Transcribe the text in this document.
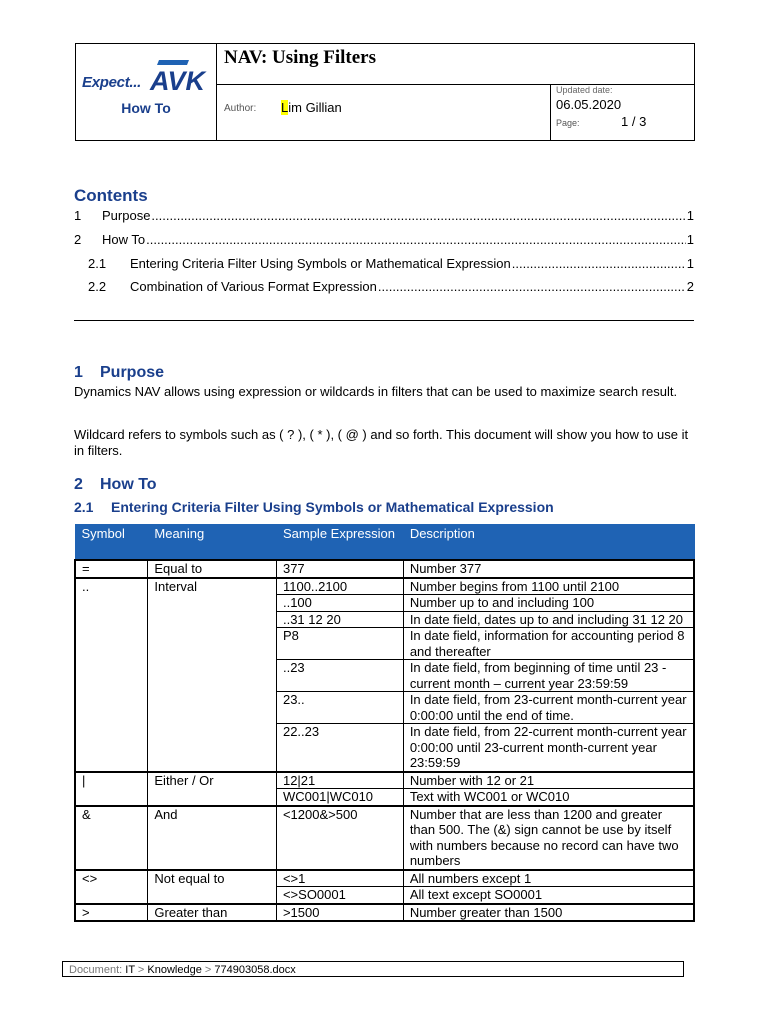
Expect... AVK
How To
NAV: Using Filters
Author: Lim Gillian
Updated date:
06.05.2020
Page:	1 / 3
Contents
1	Purpose .....	1
2	How To .....	1
2.1	Entering Criteria Filter Using Symbols or Mathematical Expression .....	1
2.2	Combination of Various Format Expression .....	2
1 Purpose
Dynamics NAV allows using expression or wildcards in filters that can be used to maximize search result.
Wildcard refers to symbols such as ( ? ), ( * ), ( @ ) and so forth. This document will show you how to use it in filters.
2 How To
2.1 Entering Criteria Filter Using Symbols or Mathematical Expression
Symbol	Meaning	Sample Expression	Description
=	Equal to	377	Number 377
..	Interval	1100..2100	Number begins from 1100 until 2100
		..100	Number up to and including 100
		..31 12 20	In date field, dates up to and including 31 12 20
		P8	In date field, information for accounting period 8 and thereafter
		..23	In date field, from beginning of time until 23 - current month – current year 23:59:59
		23..	In date field, from 23-current month-current year 0:00:00 until the end of time.
		22..23	In date field, from 22-current month-current year 0:00:00 until 23-current month-current year 23:59:59
|	Either / Or	12|21	Number with 12 or 21
		WC001|WC010	Text with WC001 or WC010
&	And	<1200&>500	Number that are less than 1200 and greater than 500. The (&) sign cannot be use by itself with numbers because no record can have two numbers
<>	Not equal to	<>1	All numbers except 1
		<>SO0001	All text except SO0001
>	Greater than	>1500	Number greater than 1500
Document: IT > Knowledge > 774903058.docx
